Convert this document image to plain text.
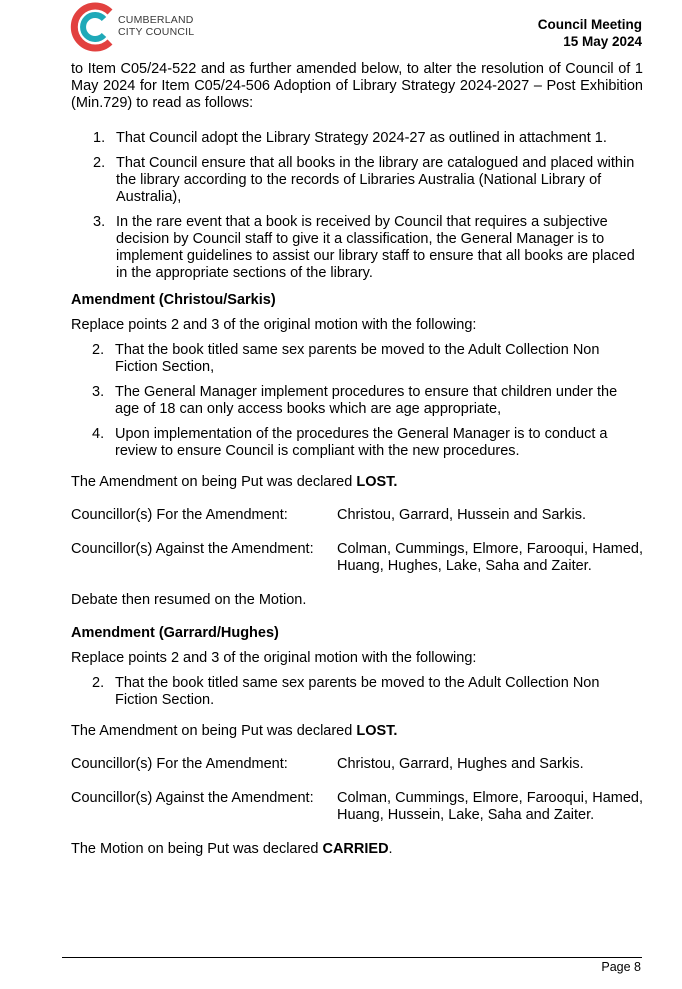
CUMBERLAND
CITY COUNCIL	Council Meeting
15 May 2024

to Item C05/24-522 and as further amended below, to alter the resolution of Council of 1 May 2024 for Item C05/24-506 Adoption of Library Strategy 2024-2027 – Post Exhibition (Min.729) to read as follows:

1. That Council adopt the Library Strategy 2024-27 as outlined in attachment 1.
2. That Council ensure that all books in the library are catalogued and placed within the library according to the records of Libraries Australia (National Library of Australia),
3. In the rare event that a book is received by Council that requires a subjective decision by Council staff to give it a classification, the General Manager is to implement guidelines to assist our library staff to ensure that all books are placed in the appropriate sections of the library.

Amendment (Christou/Sarkis)

Replace points 2 and 3 of the original motion with the following:

2. That the book titled same sex parents be moved to the Adult Collection Non Fiction Section,
3. The General Manager implement procedures to ensure that children under the age of 18 can only access books which are age appropriate,
4. Upon implementation of the procedures the General Manager is to conduct a review to ensure Council is compliant with the new procedures.

The Amendment on being Put was declared LOST.

Councillor(s) For the Amendment:	Christou, Garrard, Hussein and Sarkis.
Councillor(s) Against the Amendment:	Colman, Cummings, Elmore, Farooqui, Hamed, Huang, Hughes, Lake, Saha and Zaiter.

Debate then resumed on the Motion.

Amendment (Garrard/Hughes)

Replace points 2 and 3 of the original motion with the following:

2. That the book titled same sex parents be moved to the Adult Collection Non Fiction Section.

The Amendment on being Put was declared LOST.

Councillor(s) For the Amendment:	Christou, Garrard, Hughes and Sarkis.
Councillor(s) Against the Amendment:	Colman, Cummings, Elmore, Farooqui, Hamed, Huang, Hussein, Lake, Saha and Zaiter.

The Motion on being Put was declared CARRIED.

Page 8
